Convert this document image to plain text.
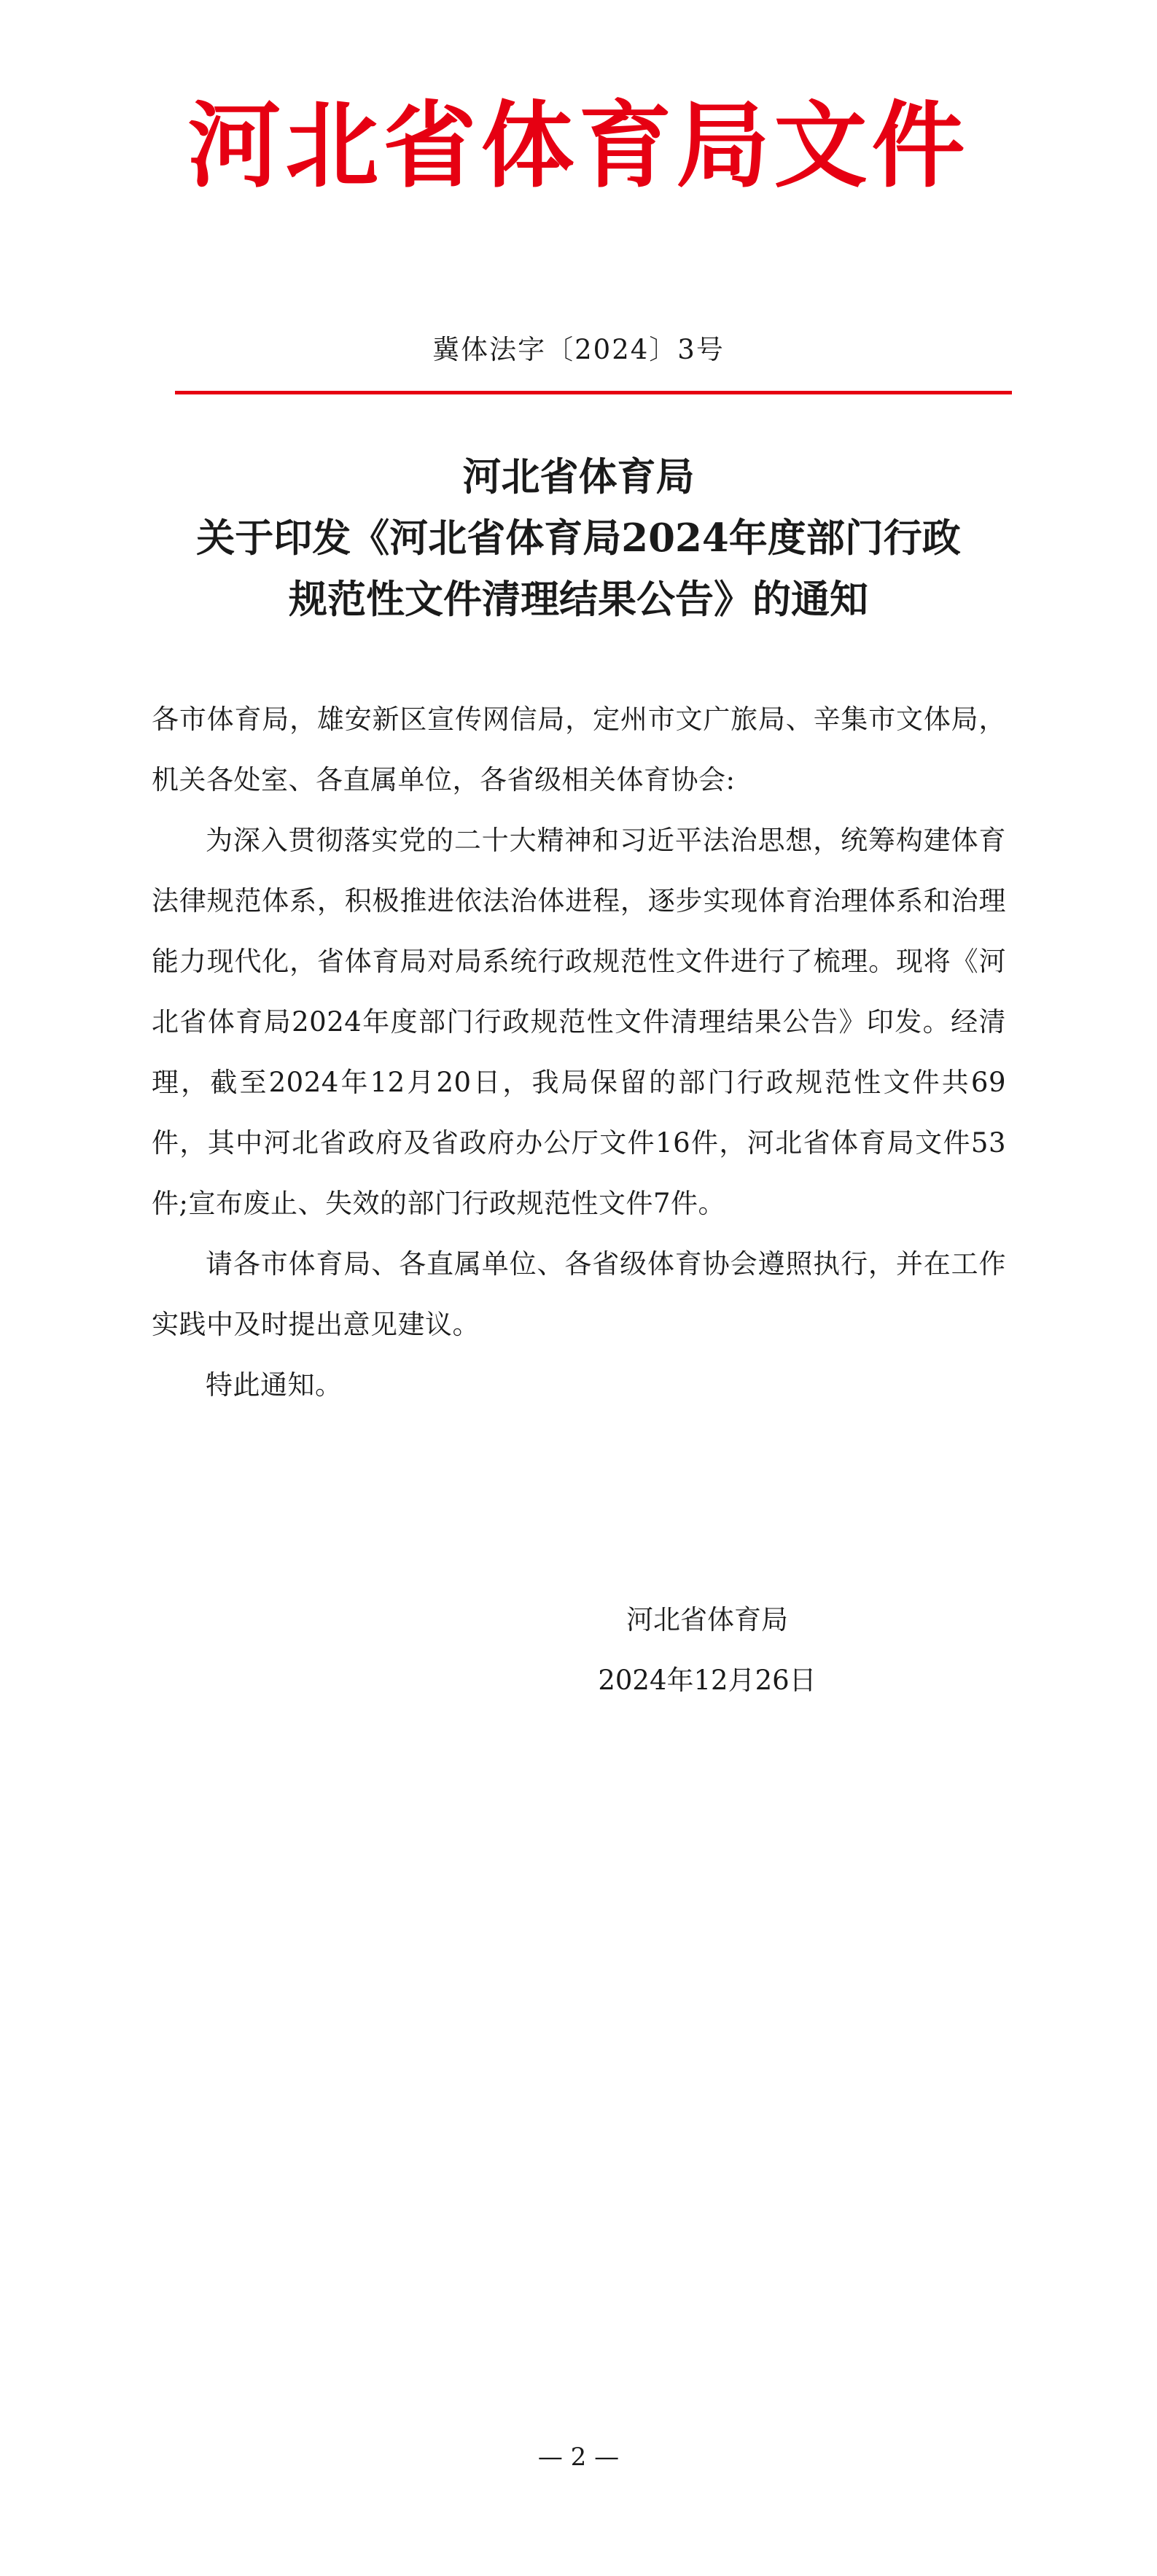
河北省体育局文件
冀体法字〔2024〕3号
河北省体育局
关于印发《河北省体育局2024年度部门行政
规范性文件清理结果公告》的通知

各市体育局，雄安新区宣传网信局，定州市文广旅局、辛集市文体局，机关各处室、各直属单位，各省级相关体育协会:

为深入贯彻落实党的二十大精神和习近平法治思想，统筹构建体育法律规范体系，积极推进依法治体进程，逐步实现体育治理体系和治理能力现代化，省体育局对局系统行政规范性文件进行了梳理。现将《河北省体育局2024年度部门行政规范性文件清理结果公告》印发。经清理，截至2024年12月20日，我局保留的部门行政规范性文件共69件，其中河北省政府及省政府办公厅文件16件，河北省体育局文件53件;宣布废止、失效的部门行政规范性文件7件。

请各市体育局、各直属单位、各省级体育协会遵照执行，并在工作实践中及时提出意见建议。

特此通知。

河北省体育局
2024年12月26日
— 2 —
